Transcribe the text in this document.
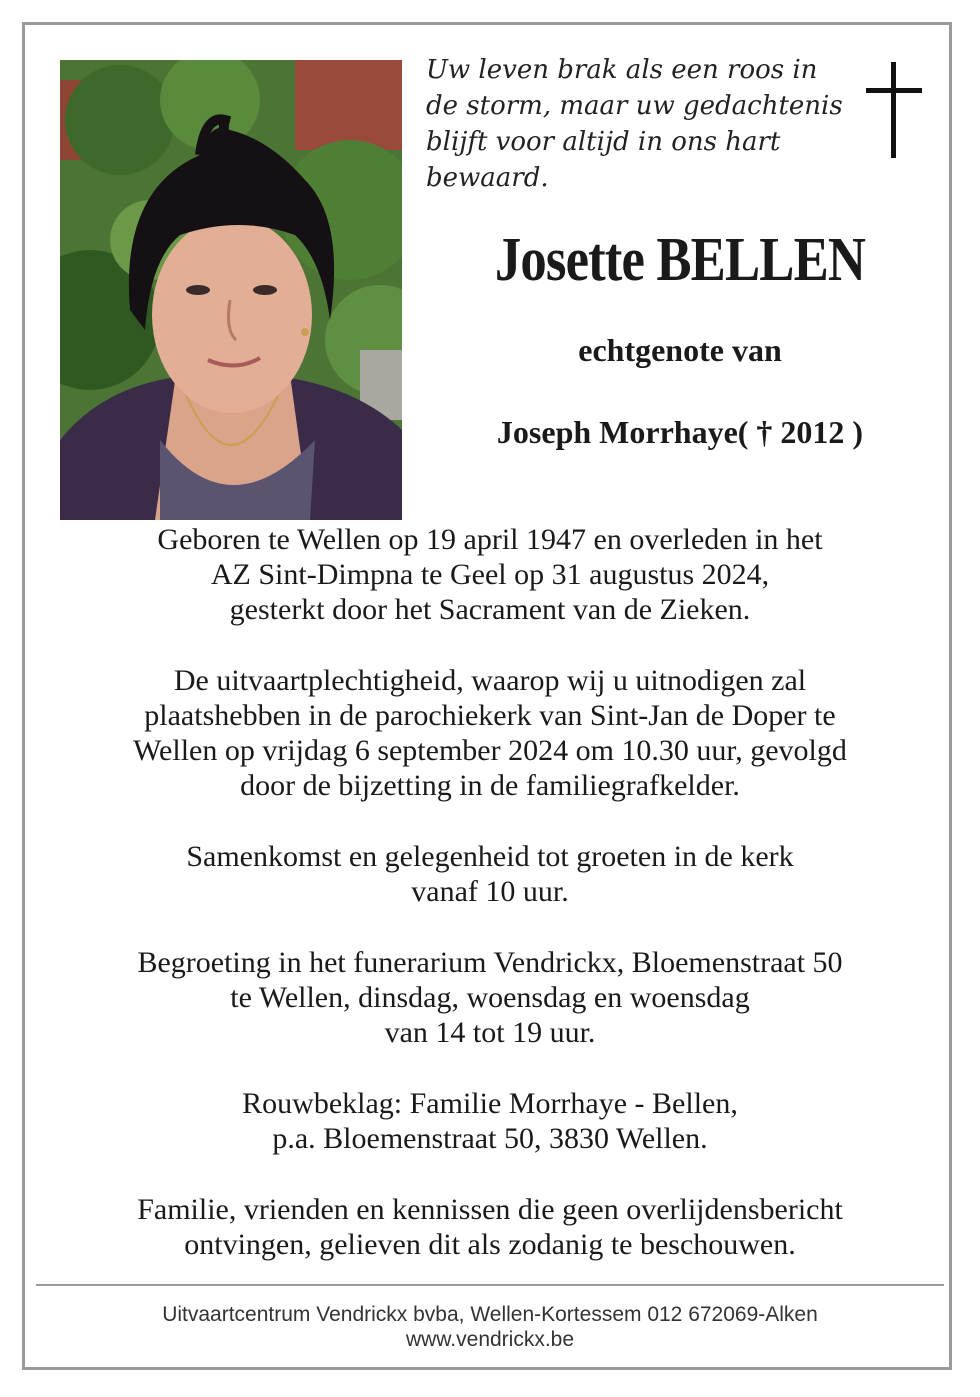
Uw leven brak als een roos in
de storm, maar uw gedachtenis
blijft voor altijd in ons hart
bewaard.
Josette BELLEN
echtgenote van
Joseph Morrhaye( † 2012 )

Geboren te Wellen op 19 april 1947 en overleden in het
AZ Sint-Dimpna te Geel op 31 augustus 2024,
gesterkt door het Sacrament van de Zieken.

De uitvaartplechtigheid, waarop wij u uitnodigen zal
plaatshebben in de parochiekerk van Sint-Jan de Doper te
Wellen op vrijdag 6 september 2024 om 10.30 uur, gevolgd
door de bijzetting in de familiegrafkelder.

Samenkomst en gelegenheid tot groeten in de kerk
vanaf 10 uur.

Begroeting in het funerarium Vendrickx, Bloemenstraat 50
te Wellen, dinsdag, woensdag en woensdag
van 14 tot 19 uur.

Rouwbeklag: Familie Morrhaye - Bellen,
p.a. Bloemenstraat 50, 3830 Wellen.

Familie, vrienden en kennissen die geen overlijdensbericht
ontvingen, gelieven dit als zodanig te beschouwen.

Uitvaartcentrum Vendrickx bvba, Wellen-Kortessem 012 672069-Alken
www.vendrickx.be
